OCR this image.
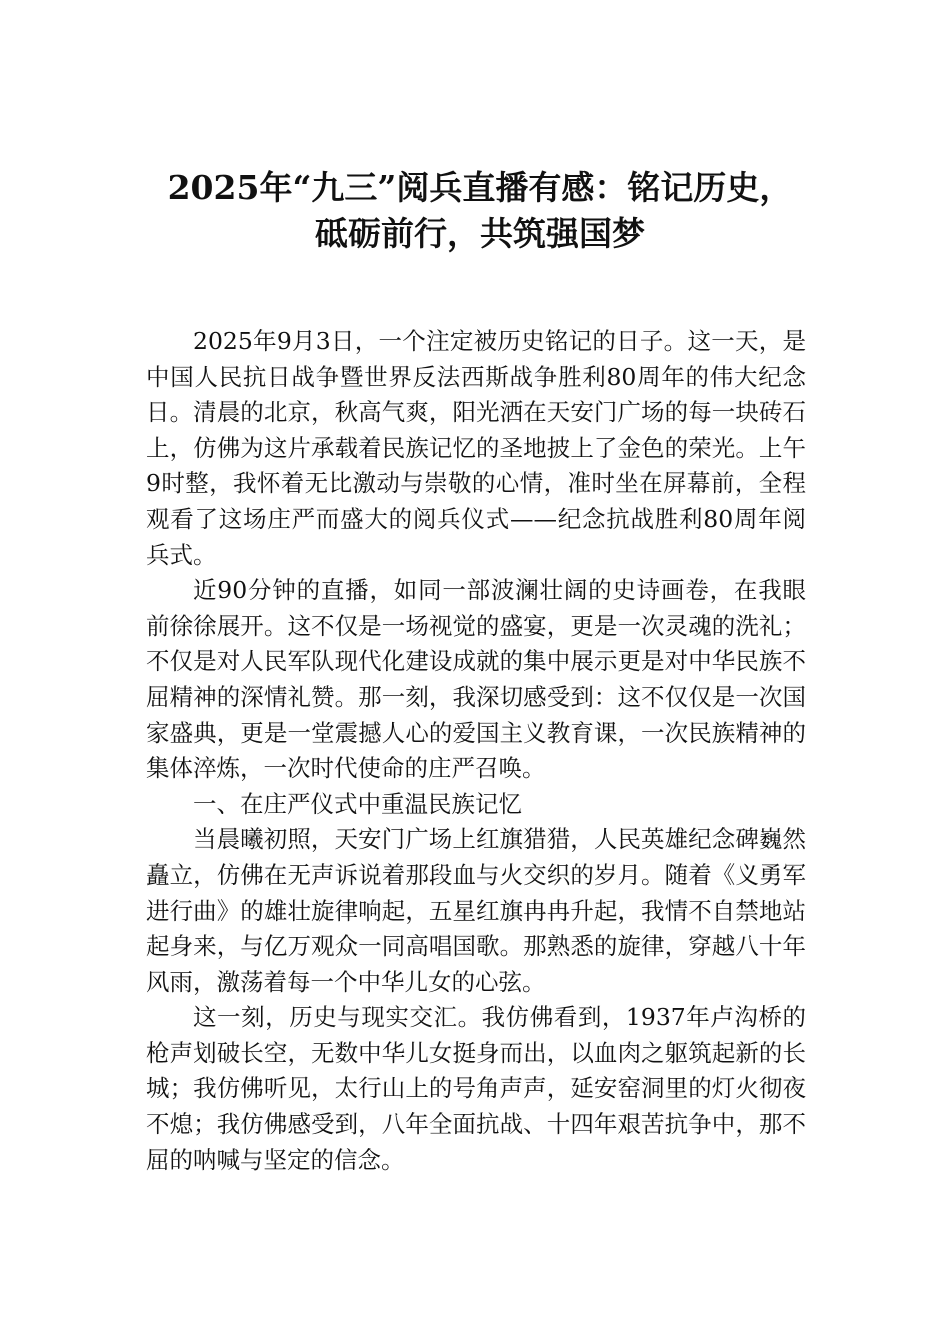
2025年“九三”阅兵直播有感：铭记历史，
砥砺前行，共筑强国梦

2025年9月3日，一个注定被历史铭记的日子。这一天，是中国人民抗日战争暨世界反法西斯战争胜利80周年的伟大纪念日。清晨的北京，秋高气爽，阳光洒在天安门广场的每一块砖石上，仿佛为这片承载着民族记忆的圣地披上了金色的荣光。上午9时整，我怀着无比激动与崇敬的心情，准时坐在屏幕前，全程观看了这场庄严而盛大的阅兵仪式——纪念抗战胜利80周年阅兵式。

近90分钟的直播，如同一部波澜壮阔的史诗画卷，在我眼前徐徐展开。这不仅是一场视觉的盛宴，更是一次灵魂的洗礼；不仅是对人民军队现代化建设成就的集中展示更是对中华民族不屈精神的深情礼赞。那一刻，我深切感受到：这不仅仅是一次国家盛典，更是一堂震撼人心的爱国主义教育课，一次民族精神的集体淬炼，一次时代使命的庄严召唤。

一、在庄严仪式中重温民族记忆

当晨曦初照，天安门广场上红旗猎猎，人民英雄纪念碑巍然矗立，仿佛在无声诉说着那段血与火交织的岁月。随着《义勇军进行曲》的雄壮旋律响起，五星红旗冉冉升起，我情不自禁地站起身来，与亿万观众一同高唱国歌。那熟悉的旋律，穿越八十年风雨，激荡着每一个中华儿女的心弦。

这一刻，历史与现实交汇。我仿佛看到，1937年卢沟桥的枪声划破长空，无数中华儿女挺身而出，以血肉之躯筑起新的长城；我仿佛听见，太行山上的号角声声，延安窑洞里的灯火彻夜不熄；我仿佛感受到，八年全面抗战、十四年艰苦抗争中，那不屈的呐喊与坚定的信念。
